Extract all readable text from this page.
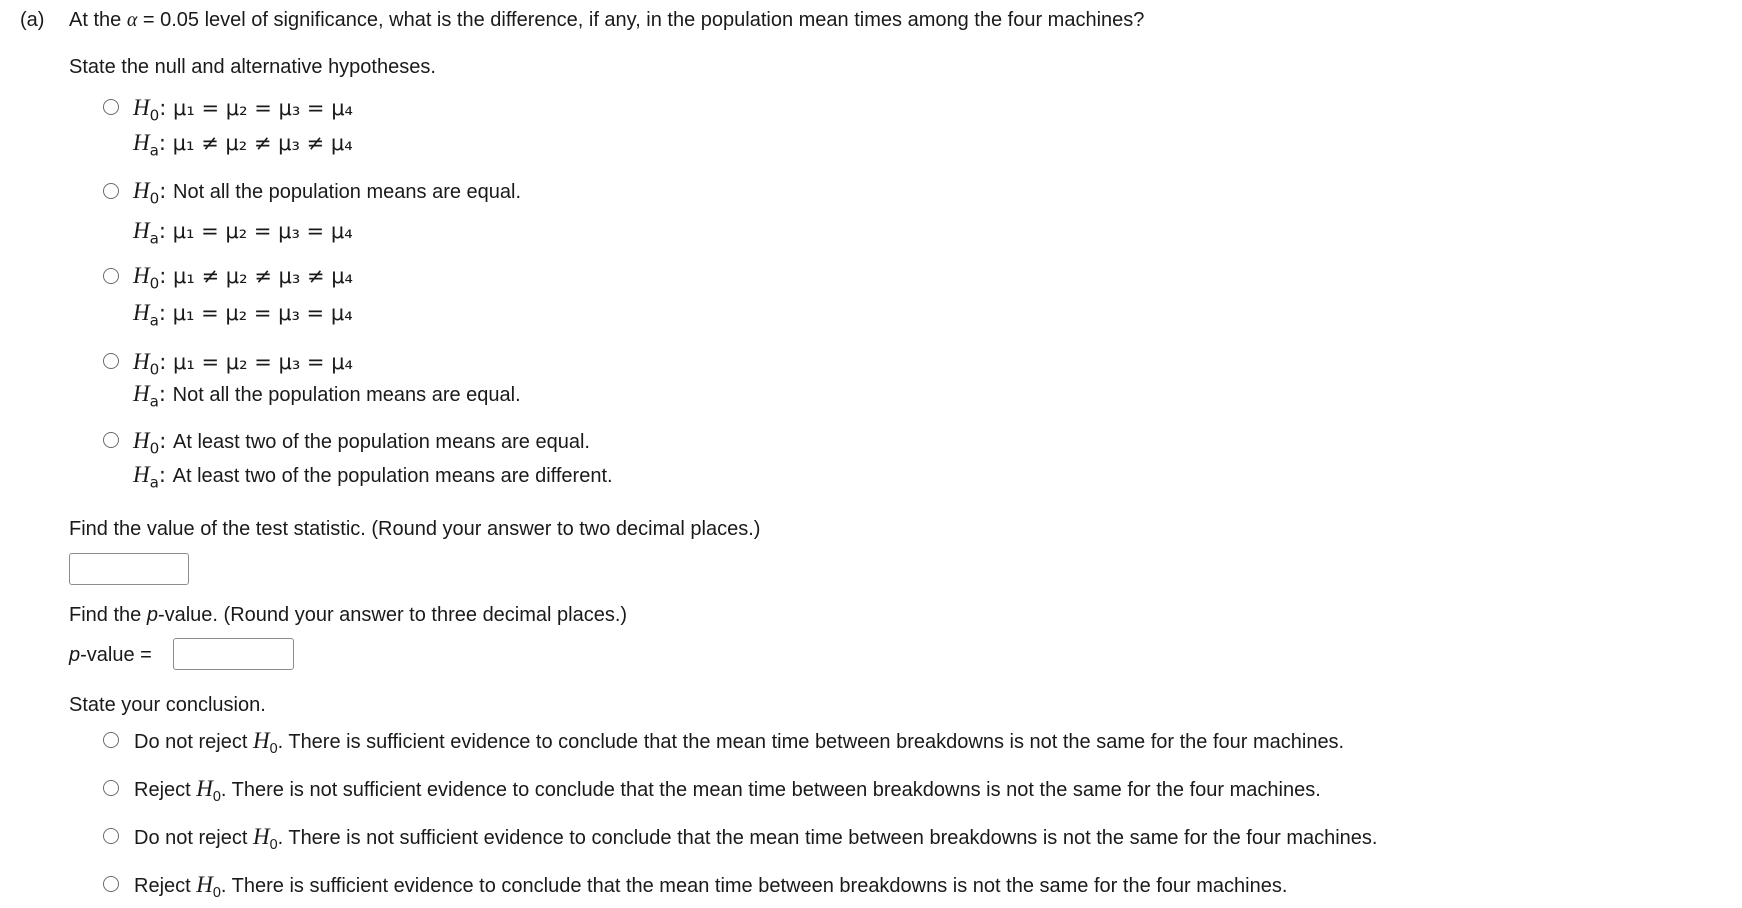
(a) At the α = 0.05 level of significance, what is the difference, if any, in the population mean times among the four machines?
State the null and alternative hypotheses.
$H_0$: μ₁ = μ₂ = μ₃ = μ₄
$H_a$: μ₁ ≠ μ₂ ≠ μ₃ ≠ μ₄
$H_0$: Not all the population means are equal.
$H_a$: μ₁ = μ₂ = μ₃ = μ₄
$H_0$: μ₁ ≠ μ₂ ≠ μ₃ ≠ μ₄
$H_a$: μ₁ = μ₂ = μ₃ = μ₄
$H_0$: μ₁ = μ₂ = μ₃ = μ₄
$H_a$: Not all the population means are equal.
$H_0$: At least two of the population means are equal.
$H_a$: At least two of the population means are different.
Find the value of the test statistic. (Round your answer to two decimal places.)
Find the p-value. (Round your answer to three decimal places.)
p-value =
State your conclusion.
Do not reject $H_0$. There is sufficient evidence to conclude that the mean time between breakdowns is not the same for the four machines.
Reject $H_0$. There is not sufficient evidence to conclude that the mean time between breakdowns is not the same for the four machines.
Do not reject $H_0$. There is not sufficient evidence to conclude that the mean time between breakdowns is not the same for the four machines.
Reject $H_0$. There is sufficient evidence to conclude that the mean time between breakdowns is not the same for the four machines.
